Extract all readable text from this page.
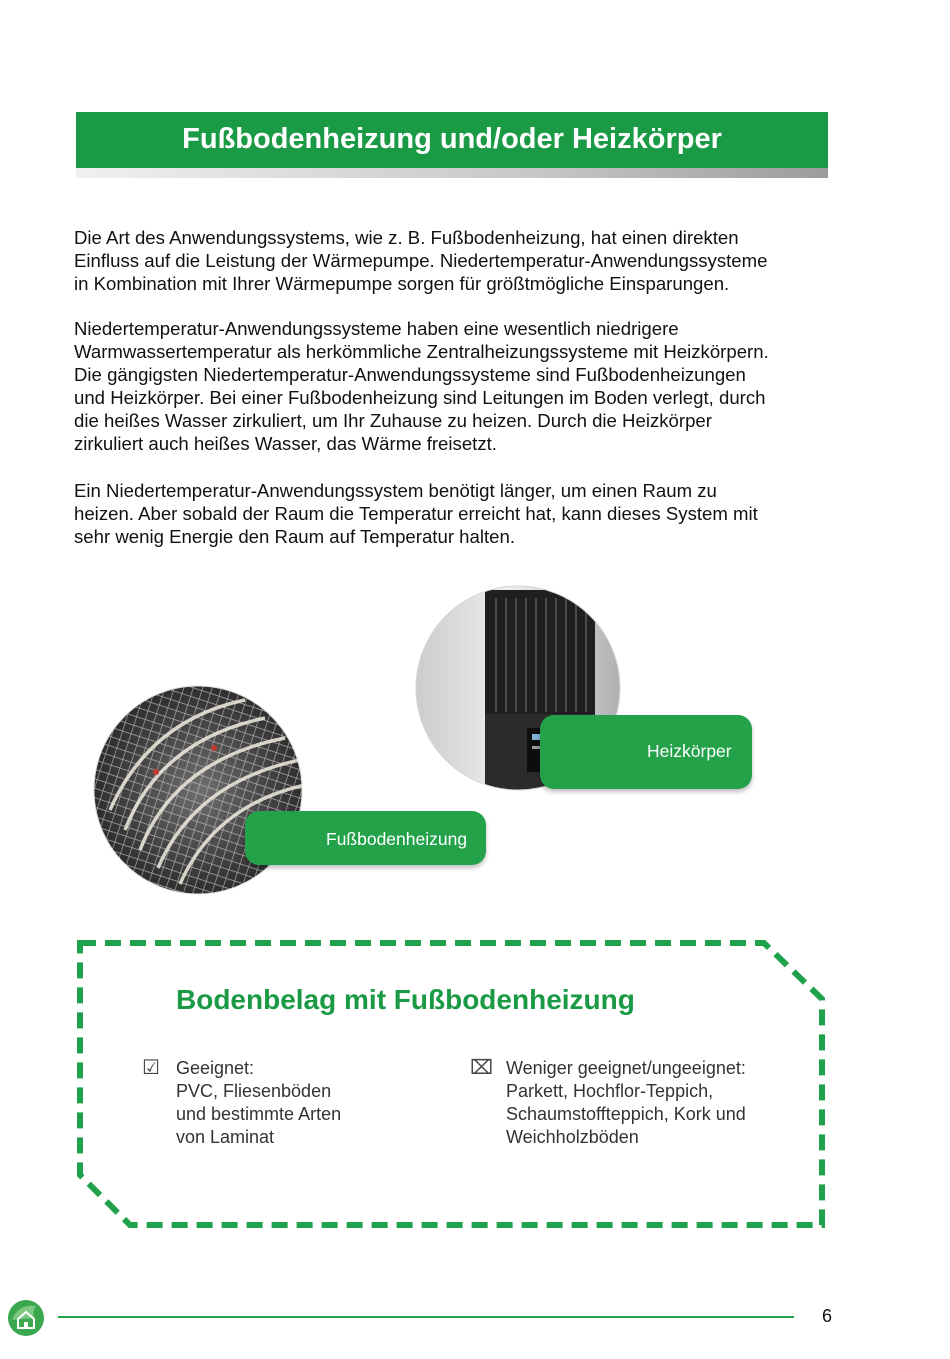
Fußbodenheizung und/oder Heizkörper

Die Art des Anwendungssystems, wie z. B. Fußbodenheizung, hat einen direkten
Einfluss auf die Leistung der Wärmepumpe. Niedertemperatur-Anwendungssysteme
in Kombination mit Ihrer Wärmepumpe sorgen für größtmögliche Einsparungen.

Niedertemperatur-Anwendungssysteme haben eine wesentlich niedrigere
Warmwassertemperatur als herkömmliche Zentralheizungssysteme mit Heizkörpern.
Die gängigsten Niedertemperatur-Anwendungssysteme sind Fußbodenheizungen
und Heizkörper. Bei einer Fußbodenheizung sind Leitungen im Boden verlegt, durch
die heißes Wasser zirkuliert, um Ihr Zuhause zu heizen. Durch die Heizkörper
zirkuliert auch heißes Wasser, das Wärme freisetzt.

Ein Niedertemperatur-Anwendungssystem benötigt länger, um einen Raum zu
heizen. Aber sobald der Raum die Temperatur erreicht hat, kann dieses System mit
sehr wenig Energie den Raum auf Temperatur halten.

Heizkörper
Fußbodenheizung
Bodenbelag mit Fußbodenheizung
☑ Geeignet:
PVC, Fliesenböden
und bestimmte Arten
von Laminat
⌧ Weniger geeignet/ungeeignet:
Parkett, Hochflor-Teppich,
Schaumstoffteppich, Kork und
Weichholzböden
6
